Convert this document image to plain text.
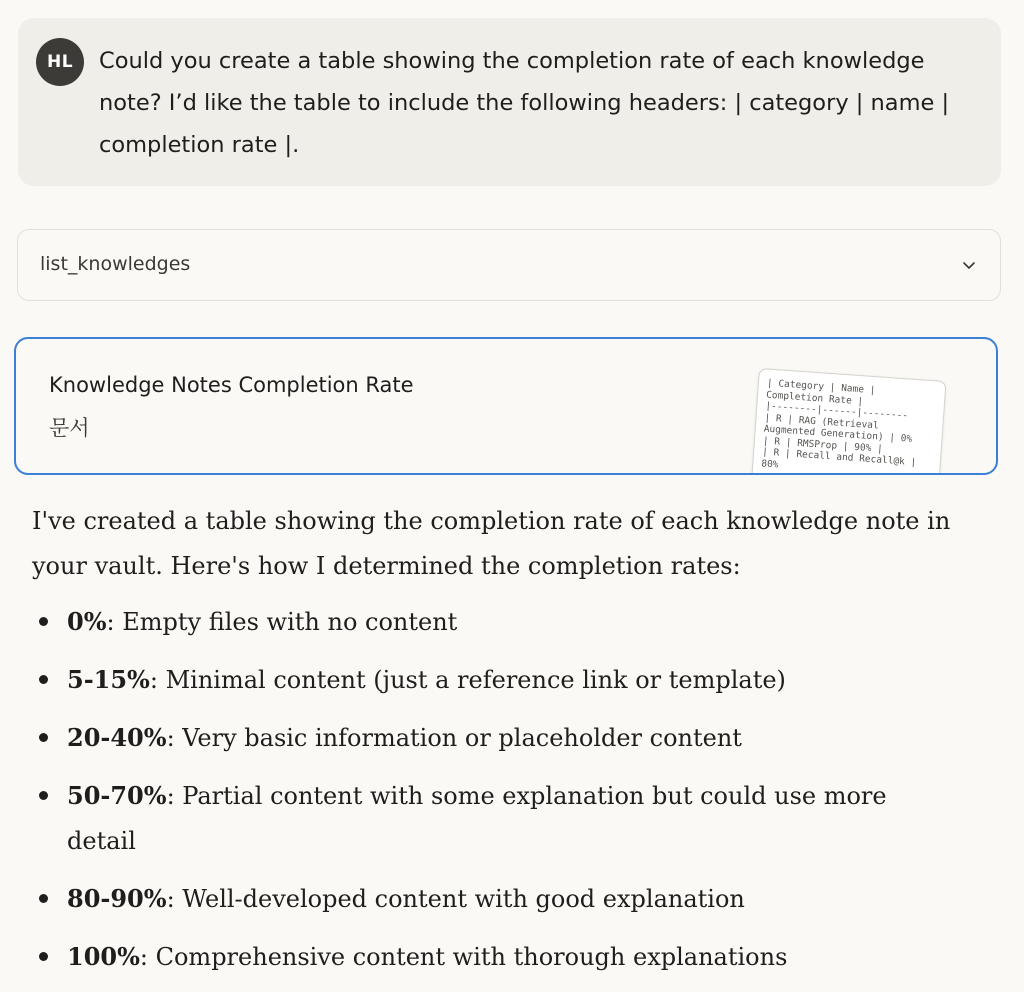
HL	Could you create a table showing the completion rate of each knowledge note? I’d like the table to include the following headers: | category | name | completion rate |.
list_knowledges
Knowledge Notes Completion Rate
문서
| Category | Name |
Completion Rate |
|--------|------|--------
| R | RAG (Retrieval
Augmented Generation) | 0%
| R | RMSProp | 90% |
| R | Recall and Recall@k |
80%

I've created a table showing the completion rate of each knowledge note in your vault. Here's how I determined the completion rates:

0%: Empty files with no content
5-15%: Minimal content (just a reference link or template)
20-40%: Very basic information or placeholder content
50-70%: Partial content with some explanation but could use more detail
80-90%: Well-developed content with good explanation
100%: Comprehensive content with thorough explanations
